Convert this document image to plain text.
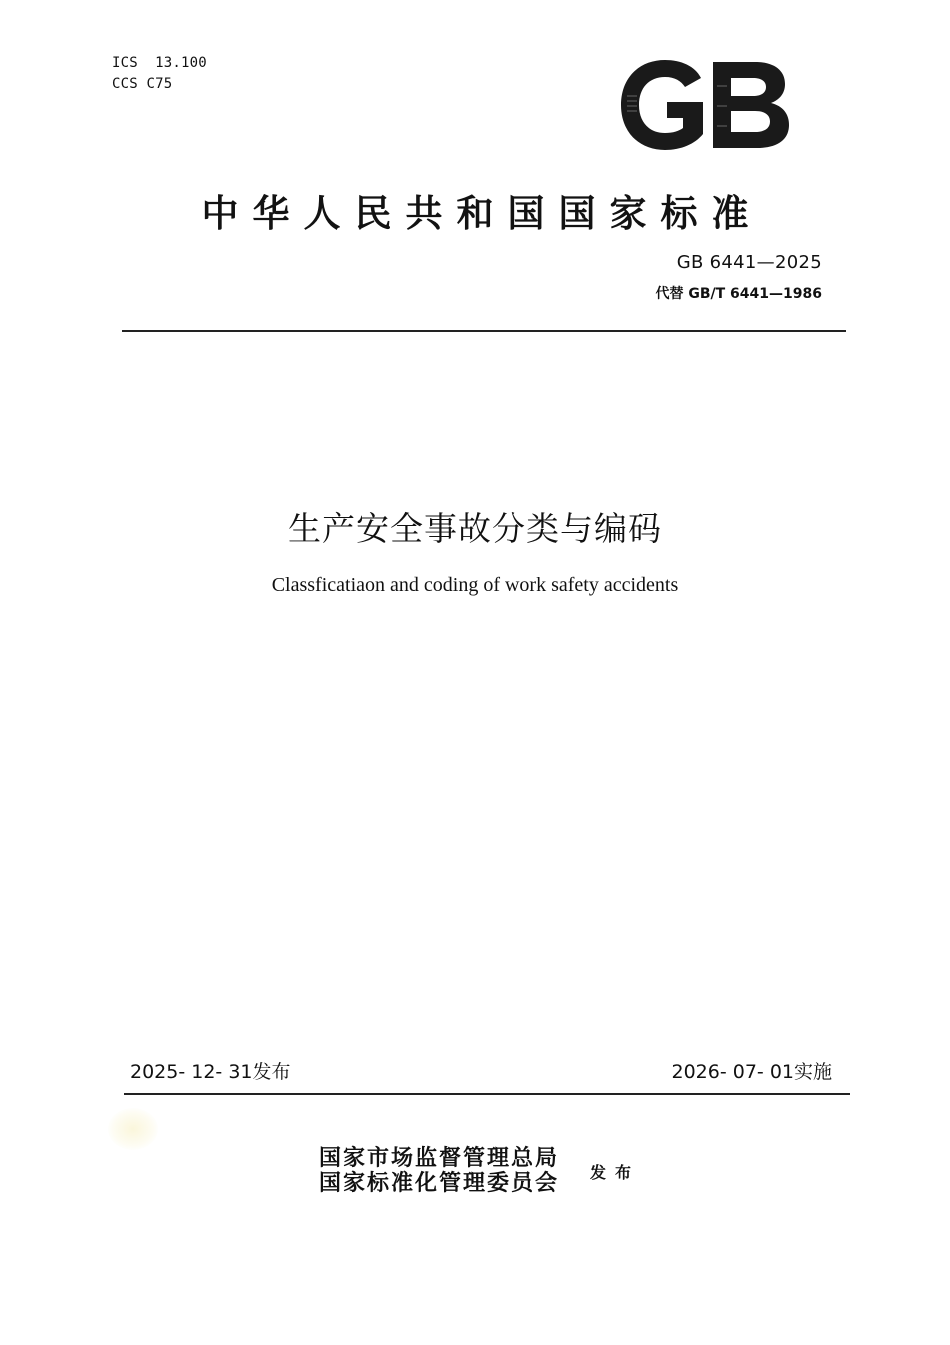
ICS  13.100
CCS C75
中华人民共和国国家标准
GB 6441—2025
代替 GB/T 6441—1986
生产安全事故分类与编码
Classficatiaon and coding of work safety accidents
2025- 12- 31发布	2026- 07- 01实施
国家市场监督管理总局
国家标准化管理委员会 发布
